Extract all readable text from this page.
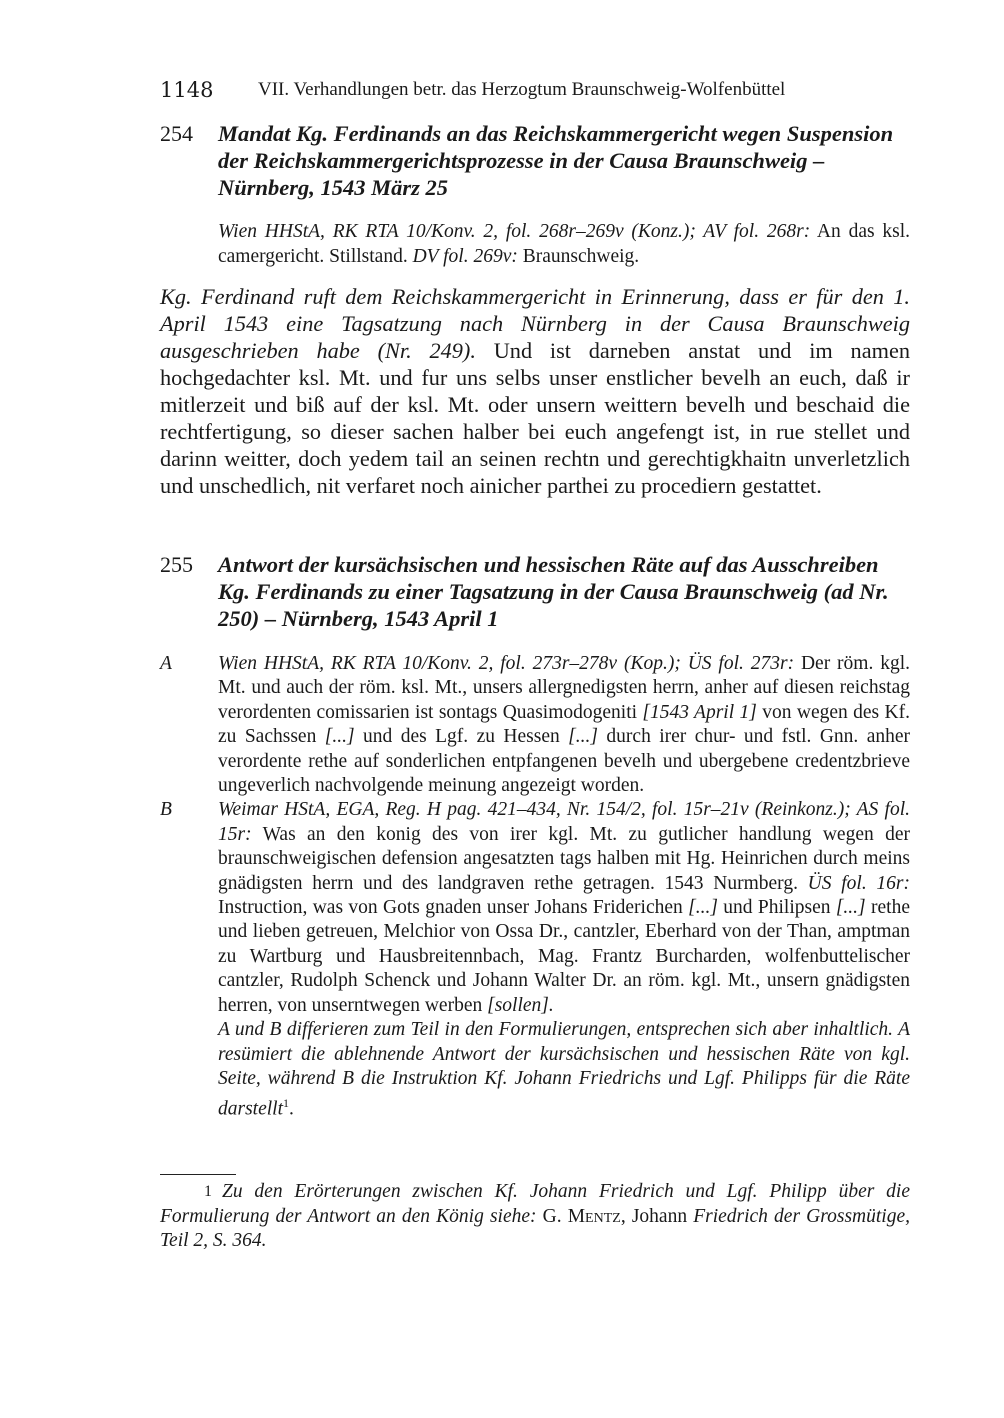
1148	VII. Verhandlungen betr. das Herzogtum Braunschweig-Wolfenbüttel
254	Mandat Kg. Ferdinands an das Reichskammergericht wegen Suspension der Reichskammergerichtsprozesse in der Causa Braunschweig – Nürnberg, 1543 März 25
Wien HHStA, RK RTA 10/Konv. 2, fol. 268r–269v (Konz.); AV fol. 268r: An das ksl. camergericht. Stillstand. DV fol. 269v: Braunschweig.
Kg. Ferdinand ruft dem Reichskammergericht in Erinnerung, dass er für den 1. April 1543 eine Tagsatzung nach Nürnberg in der Causa Braunschweig ausgeschrieben habe (Nr. 249). Und ist darneben anstat und im namen hochgedachter ksl. Mt. und fur uns selbs unser enstlicher bevelh an euch, daß ir mitlerzeit und biß auf der ksl. Mt. oder unsern weittern bevelh und beschaid die rechtfertigung, so dieser sachen halber bei euch angefengt ist, in rue stellet und darinn weitter, doch yedem tail an seinen rechtn und gerechtigkhaitn unverletzlich und unschedlich, nit verfaret noch ainicher parthei zu procediern gestattet.
255	Antwort der kursächsischen und hessischen Räte auf das Ausschreiben Kg. Ferdinands zu einer Tagsatzung in der Causa Braunschweig (ad Nr. 250) – Nürnberg, 1543 April 1
A	Wien HHStA, RK RTA 10/Konv. 2, fol. 273r–278v (Kop.); ÜS fol. 273r: Der röm. kgl. Mt. und auch der röm. ksl. Mt., unsers allergnedigsten herrn, anher auf diesen reichstag verordenten comissarien ist sontags Quasimodogeniti [1543 April 1] von wegen des Kf. zu Sachssen [...] und des Lgf. zu Hessen [...] durch irer chur- und fstl. Gnn. anher verordente rethe auf sonderlichen entpfangenen bevelh und ubergebene credentzbrieve ungeverlich nachvolgende meinung angezeigt worden.
B	Weimar HStA, EGA, Reg. H pag. 421–434, Nr. 154/2, fol. 15r–21v (Reinkonz.); AS fol. 15r: Was an den konig des von irer kgl. Mt. zu gutlicher handlung wegen der braunschweigischen defension angesatzten tags halben mit Hg. Heinrichen durch meins gnädigsten herrn und des landgraven rethe getragen. 1543 Nurmberg. ÜS fol. 16r: Instruction, was von Gots gnaden unser Johans Friderichen [...] und Philipsen [...] rethe und lieben getreuen, Melchior von Ossa Dr., cantzler, Eberhard von der Than, amptman zu Wartburg und Hausbreitennbach, Mag. Frantz Burcharden, wolfenbuttelischer cantzler, Rudolph Schenck und Johann Walter Dr. an röm. kgl. Mt., unsern gnädigsten herren, von unserntwegen werben [sollen].
A und B differieren zum Teil in den Formulierungen, entsprechen sich aber inhaltlich. A resümiert die ablehnende Antwort der kursächsischen und hessischen Räte von kgl. Seite, während B die Instruktion Kf. Johann Friedrichs und Lgf. Philipps für die Räte darstellt$^1$.
1 Zu den Erörterungen zwischen Kf. Johann Friedrich und Lgf. Philipp über die Formulierung der Antwort an den König siehe: G. Mentz, Johann Friedrich der Grossmütige, Teil 2, S. 364.
